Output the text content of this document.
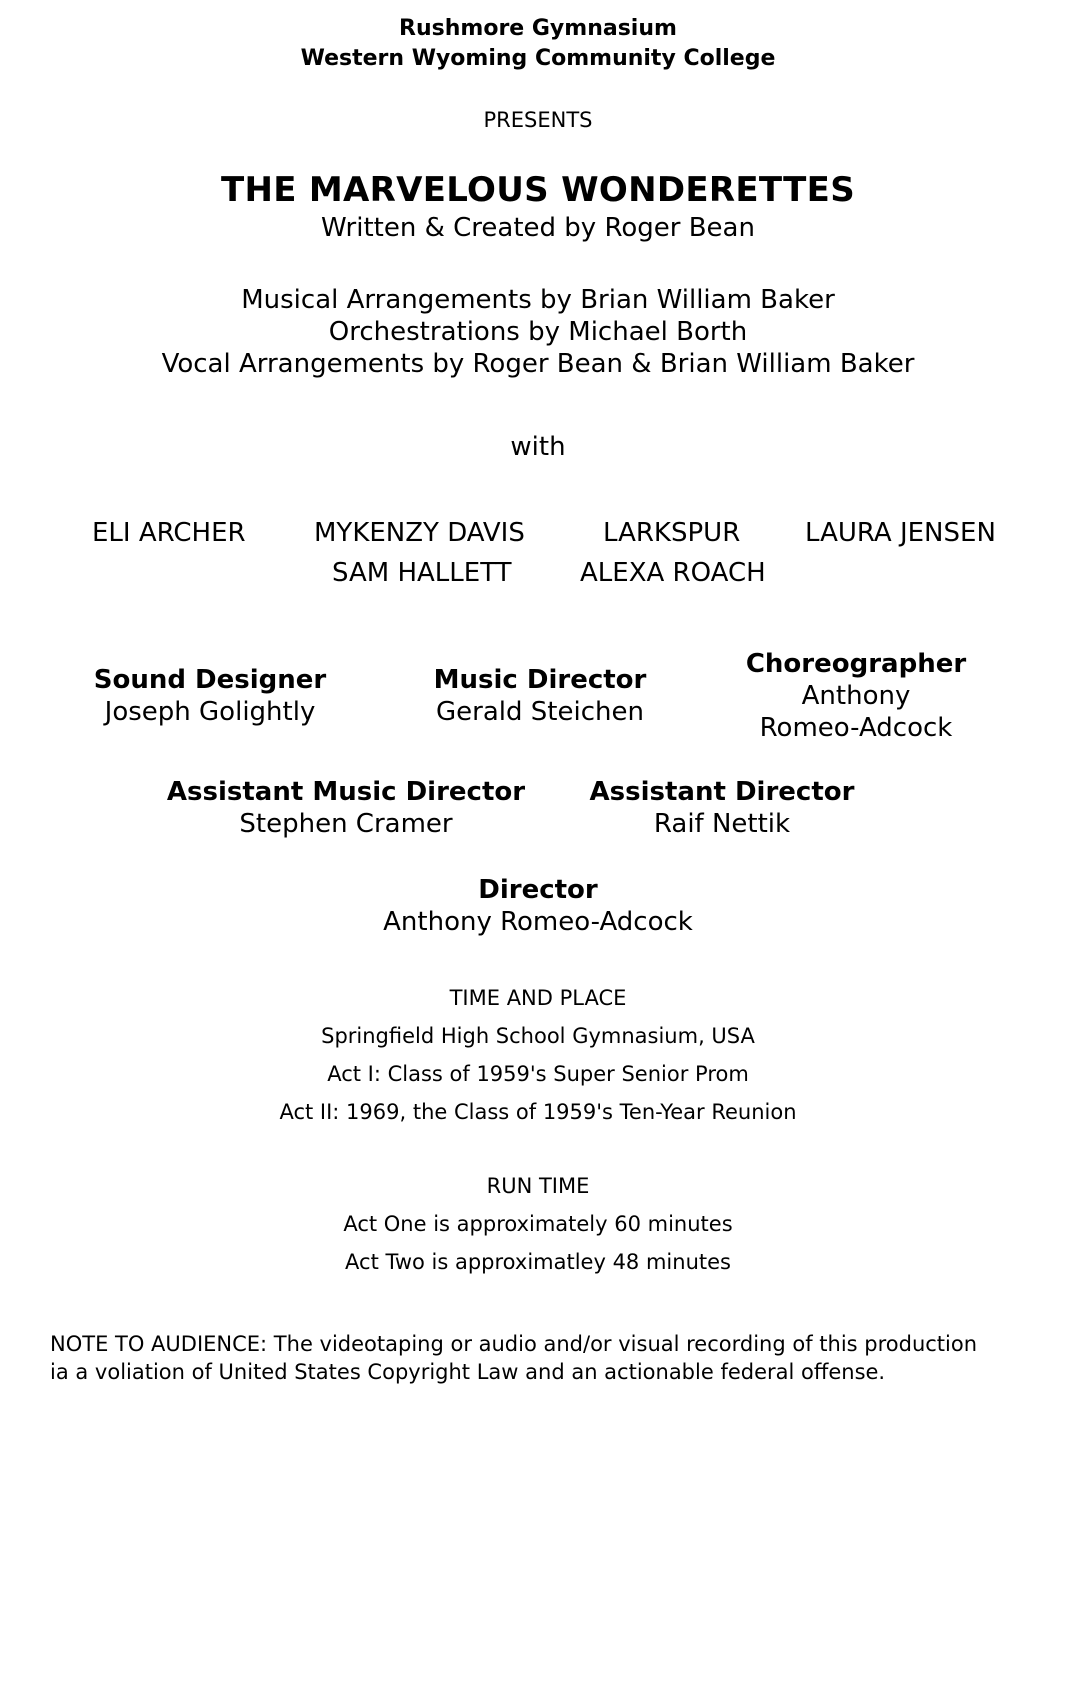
Rushmore Gymnasium
Western Wyoming Community College
PRESENTS
THE MARVELOUS WONDERETTES
Written & Created by Roger Bean
Musical Arrangements by Brian William Baker
Orchestrations by Michael Borth
Vocal Arrangements by Roger Bean & Brian William Baker
with
ELI ARCHER	MYKENZY DAVIS	LARKSPUR LAURA JENSEN
SAM HALLETT	ALEXA ROACH
Sound Designer
Joseph Golightly
Music Director
Gerald Steichen
Choreographer
Anthony
Romeo-Adcock
Assistant Music Director
Stephen Cramer
Assistant Director
Raif Nettik
Director
Anthony Romeo-Adcock
TIME AND PLACE
Springfield High School Gymnasium, USA
Act I: Class of 1959's Super Senior Prom
Act II: 1969, the Class of 1959's Ten-Year Reunion
RUN TIME
Act One is approximately 60 minutes
Act Two is approximatley 48 minutes
NOTE TO AUDIENCE: The videotaping or audio and/or visual recording of this production ia a voliation of United States Copyright Law and an actionable federal offense.
